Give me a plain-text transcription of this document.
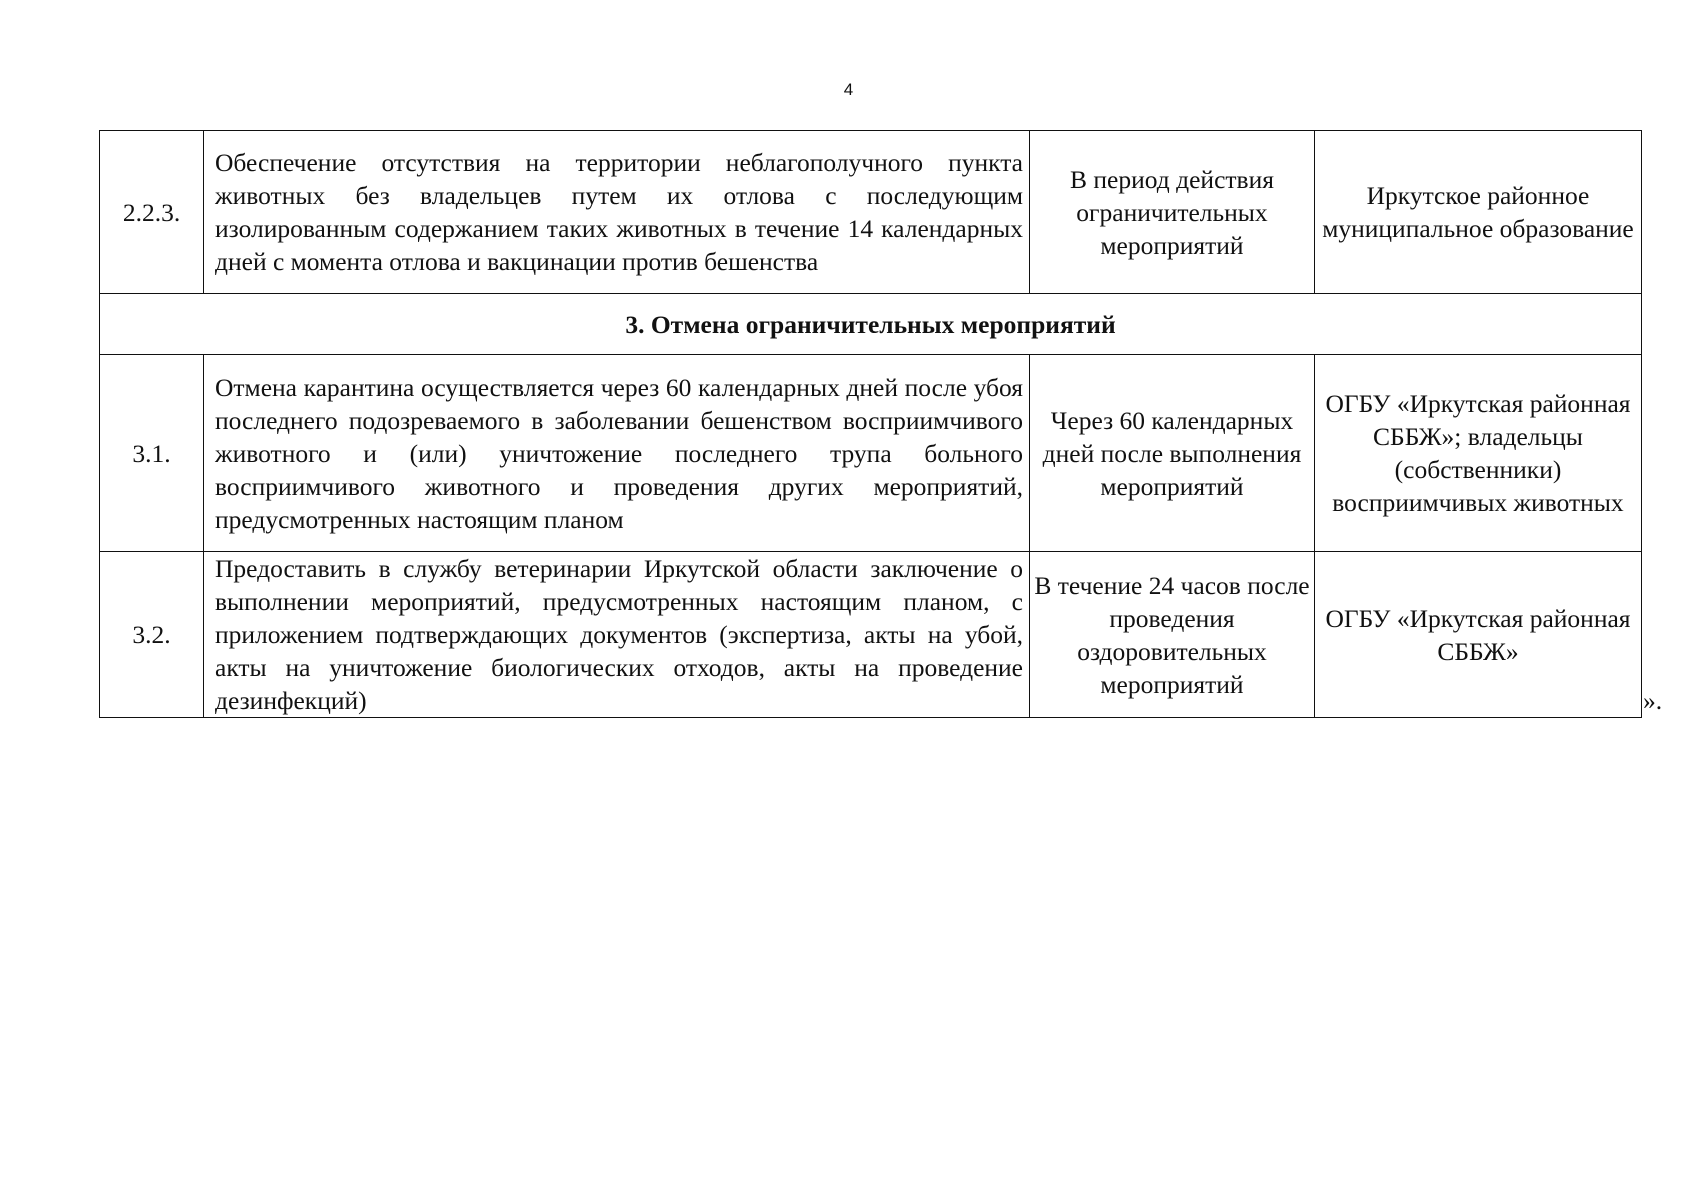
4
2.2.3.	Обеспечение отсутствия на территории неблагополучного пункта животных без владельцев путем их отлова с последующим изолированным содержанием таких животных в течение 14 календарных дней с момента отлова и вакцинации против бешенства	В период действия ограничительных мероприятий	Иркутское районное муниципальное образование
3. Отмена ограничительных мероприятий			
3.1.	Отмена карантина осуществляется через 60 календарных дней после убоя последнего подозреваемого в заболевании бешенством восприимчивого животного и (или) уничтожение последнего трупа больного восприимчивого животного и проведения других мероприятий, предусмотренных настоящим планом	Через 60 календарных дней после выполнения мероприятий	ОГБУ «Иркутская районная СББЖ»; владельцы (собственники) восприимчивых животных
3.2.	Предоставить в службу ветеринарии Иркутской области заключение о выполнении мероприятий, предусмотренных настоящим планом, с приложением подтверждающих документов (экспертиза, акты на убой, акты на уничтожение биологических отходов, акты на проведение дезинфекций)	В течение 24 часов после проведения оздоровительных мероприятий	ОГБУ «Иркутская районная СББЖ»
».
